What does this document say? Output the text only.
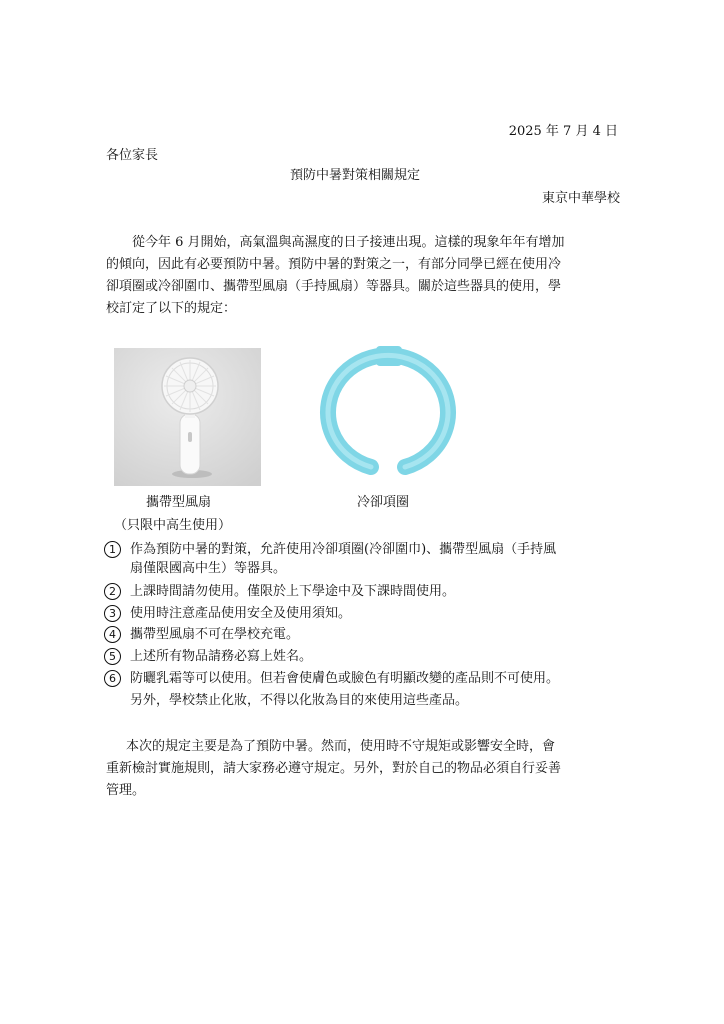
2025 年 7 月 4 日
各位家長
預防中暑對策相關規定
東京中華學校
從今年 6 月開始，高氣溫與高濕度的日子接連出現。這樣的現象年年有增加
的傾向，因此有必要預防中暑。預防中暑的對策之一，有部分同學已經在使用冷
卻項圈或冷卻圍巾、攜帶型風扇（手持風扇）等器具。關於這些器具的使用，學
校訂定了以下的規定：
攜帶型風扇	冷卻項圈
（只限中高生使用）
1	作為預防中暑的對策，允許使用冷卻項圈(冷卻圍巾)、攜帶型風扇（手持風
扇僅限國高中生）等器具。
2	上課時間請勿使用。僅限於上下學途中及下課時間使用。
3	使用時注意產品使用安全及使用須知。
4	攜帶型風扇不可在學校充電。
5	上述所有物品請務必寫上姓名。
6	防曬乳霜等可以使用。但若會使膚色或臉色有明顯改變的產品則不可使用。
另外，學校禁止化妝，不得以化妝為目的來使用這些產品。
本次的規定主要是為了預防中暑。然而，使用時不守規矩或影響安全時，會
重新檢討實施規則，請大家務必遵守規定。另外，對於自己的物品必須自行妥善
管理。
